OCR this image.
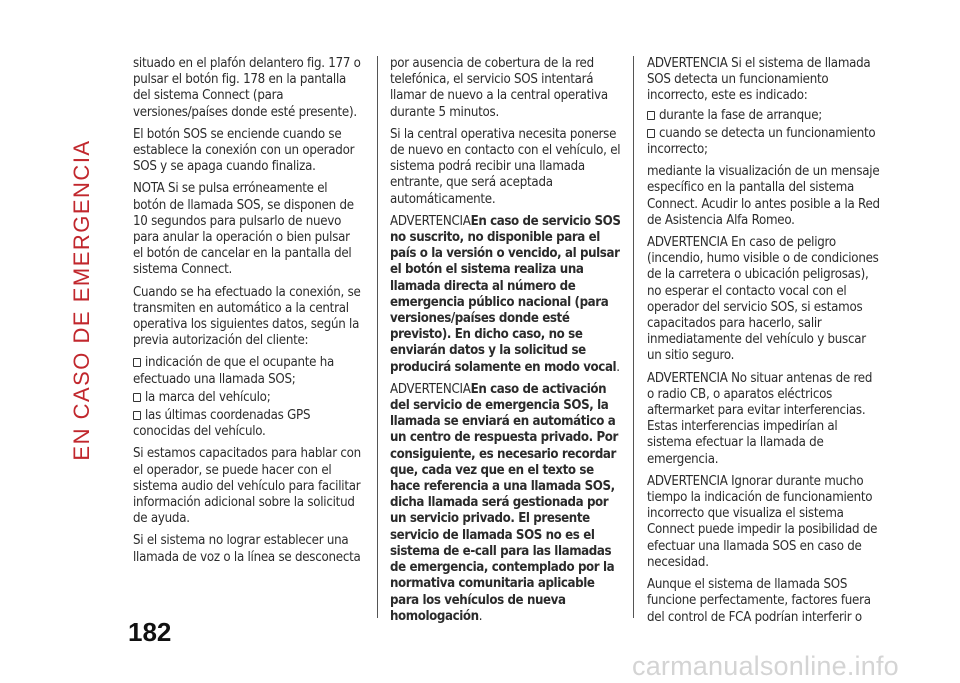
EN CASO DE EMERGENCIA

situado en el plafón delantero fig. 177 o pulsar el botón fig. 178 en la pantalla del sistema Connect (para versiones/países donde esté presente).

El botón SOS se enciende cuando se establece la conexión con un operador SOS y se apaga cuando finaliza.

NOTA Si se pulsa erróneamente el botón de llamada SOS, se disponen de 10 segundos para pulsarlo de nuevo para anular la operación o bien pulsar el botón de cancelar en la pantalla del sistema Connect.

Cuando se ha efectuado la conexión, se transmiten en automático a la central operativa los siguientes datos, según la previa autorización del cliente:

indicación de que el ocupante ha efectuado una llamada SOS;
la marca del vehículo;
las últimas coordenadas GPS conocidas del vehículo.

Si estamos capacitados para hablar con el operador, se puede hacer con el sistema audio del vehículo para facilitar información adicional sobre la solicitud de ayuda.

Si el sistema no lograr establecer una llamada de voz o la línea se desconecta

por ausencia de cobertura de la red telefónica, el servicio SOS intentará llamar de nuevo a la central operativa durante 5 minutos.

Si la central operativa necesita ponerse de nuevo en contacto con el vehículo, el sistema podrá recibir una llamada entrante, que será aceptada automáticamente.

ADVERTENCIAEn caso de servicio SOS no suscrito, no disponible para el país o la versión o vencido, al pulsar el botón el sistema realiza una llamada directa al número de emergencia público nacional (para versiones/países donde esté previsto). En dicho caso, no se enviarán datos y la solicitud se producirá solamente en modo vocal.

ADVERTENCIAEn caso de activación del servicio de emergencia SOS, la llamada se enviará en automático a un centro de respuesta privado. Por consiguiente, es necesario recordar que, cada vez que en el texto se hace referencia a una llamada SOS, dicha llamada será gestionada por un servicio privado. El presente servicio de llamada SOS no es el sistema de e-call para las llamadas de emergencia, contemplado por la normativa comunitaria aplicable para los vehículos de nueva homologación.

ADVERTENCIA Si el sistema de llamada SOS detecta un funcionamiento incorrecto, este es indicado:

durante la fase de arranque;
cuando se detecta un funcionamiento incorrecto;

mediante la visualización de un mensaje específico en la pantalla del sistema Connect. Acudir lo antes posible a la Red de Asistencia Alfa Romeo.

ADVERTENCIA En caso de peligro (incendio, humo visible o de condiciones de la carretera o ubicación peligrosas), no esperar el contacto vocal con el operador del servicio SOS, si estamos capacitados para hacerlo, salir inmediatamente del vehículo y buscar un sitio seguro.

ADVERTENCIA No situar antenas de red o radio CB, o aparatos eléctricos aftermarket para evitar interferencias. Estas interferencias impedirían al sistema efectuar la llamada de emergencia.

ADVERTENCIA Ignorar durante mucho tiempo la indicación de funcionamiento incorrecto que visualiza el sistema Connect puede impedir la posibilidad de efectuar una llamada SOS en caso de necesidad.

Aunque el sistema de llamada SOS funcione perfectamente, factores fuera del control de FCA podrían interferir o

182
carmanualsonline.info
